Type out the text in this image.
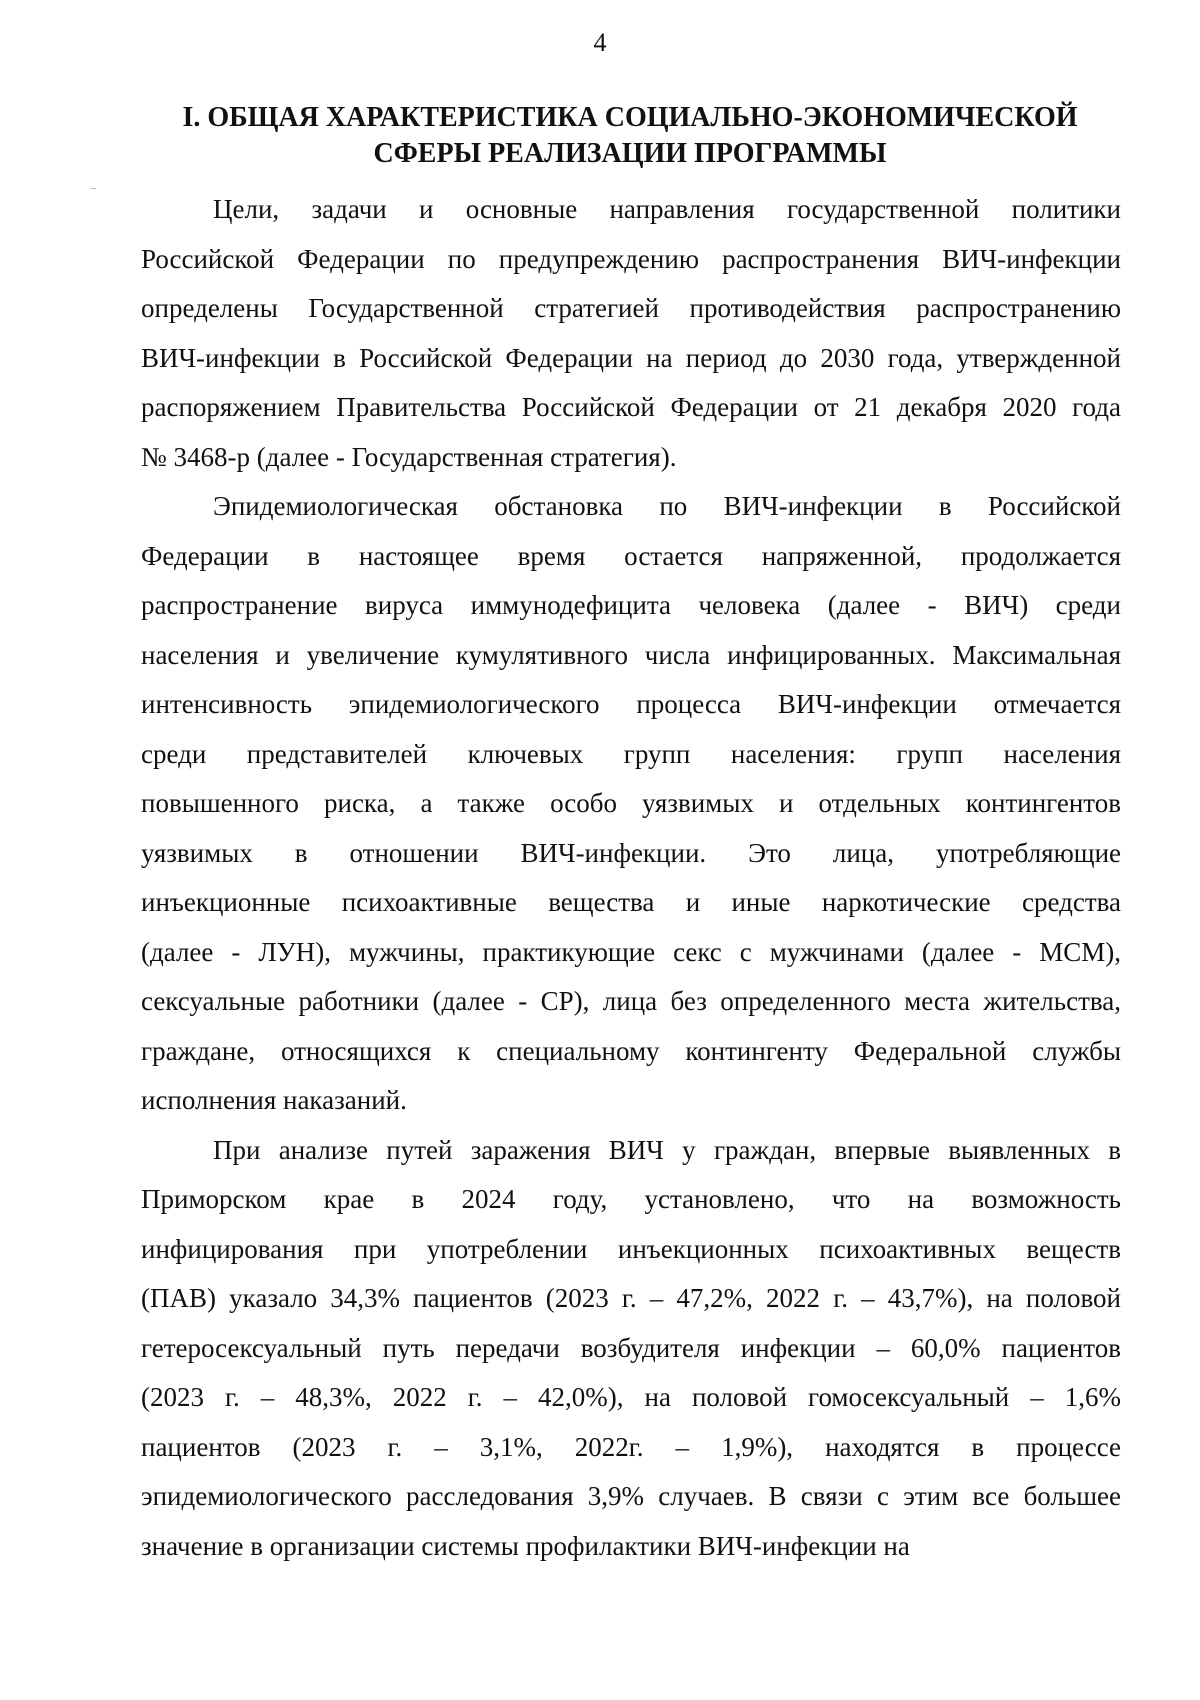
4
I. ОБЩАЯ ХАРАКТЕРИСТИКА СОЦИАЛЬНО-ЭКОНОМИЧЕСКОЙ
СФЕРЫ РЕАЛИЗАЦИИ ПРОГРАММЫ
Цели, задачи и основные направления государственной политики
Российской Федерации по предупреждению распространения ВИЧ-инфекции
определены Государственной стратегией противодействия распространению
ВИЧ-инфекции в Российской Федерации на период до 2030 года, утвержденной
распоряжением Правительства Российской Федерации от 21 декабря 2020 года
№ 3468-р (далее - Государственная стратегия).
Эпидемиологическая обстановка по ВИЧ-инфекции в Российской
Федерации в настоящее время остается напряженной, продолжается
распространение вируса иммунодефицита человека (далее - ВИЧ) среди
населения и увеличение кумулятивного числа инфицированных. Максимальная
интенсивность эпидемиологического процесса ВИЧ-инфекции отмечается
среди представителей ключевых групп населения: групп населения
повышенного риска, а также особо уязвимых и отдельных контингентов
уязвимых в отношении ВИЧ-инфекции. Это лица, употребляющие
инъекционные психоактивные вещества и иные наркотические средства
(далее - ЛУН), мужчины, практикующие секс с мужчинами (далее - МСМ),
сексуальные работники (далее - СР), лица без определенного места жительства,
граждане, относящихся к специальному контингенту Федеральной службы
исполнения наказаний.
При анализе путей заражения ВИЧ у граждан, впервые выявленных в
Приморском крае в 2024 году, установлено, что на возможность
инфицирования при употреблении инъекционных психоактивных веществ
(ПАВ) указало 34,3% пациентов (2023 г. – 47,2%, 2022 г. – 43,7%), на половой
гетеросексуальный путь передачи возбудителя инфекции – 60,0% пациентов
(2023 г. – 48,3%, 2022 г. – 42,0%), на половой гомосексуальный – 1,6%
пациентов (2023 г. – 3,1%, 2022г. – 1,9%), находятся в процессе
эпидемиологического расследования 3,9% случаев. В связи с этим все большее
значение в организации системы профилактики ВИЧ-инфекции на
